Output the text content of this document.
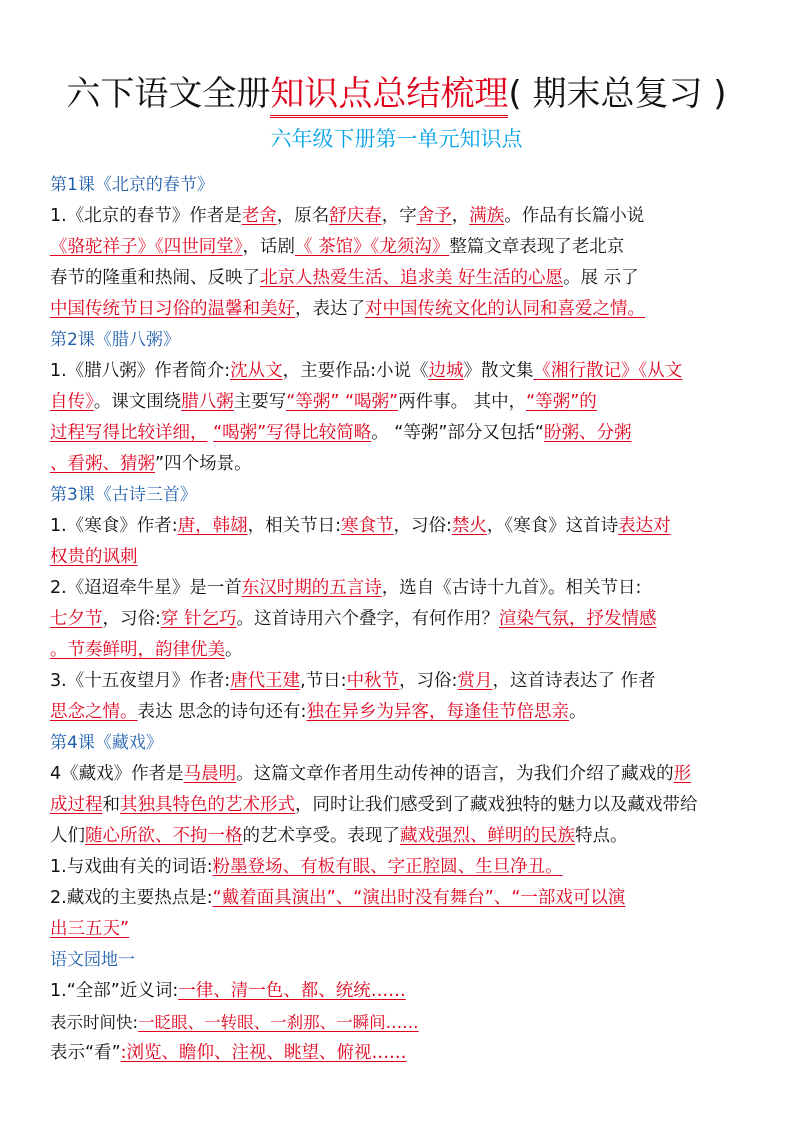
六下语文全册知识点总结梳理( 期末总复习 )
六年级下册第一单元知识点
第1课《北京的春节》
1.《北京的春节》作者是老舍，原名舒庆春，字舍予，满族。作品有长篇小说
《骆驼祥子》《四世同堂》，话剧《 茶馆》《龙须沟》整篇文章表现了老北京
春节的隆重和热闹、反映了北京人热爱生活、追求美 好生活的心愿。展 示了
中国传统节日习俗的温馨和美好，表达了对中国传统文化的认同和喜爱之情。
第2课《腊八粥》
1.《腊八粥》作者简介:沈从文，主要作品:小说《边城》散文集《湘行散记》《从文
自传》。课文围绕腊八粥主要写“等粥” “喝粥”两件事。 其中，“等粥”的
过程写得比较详细， “喝粥”写得比较简略。 “等粥”部分又包括“盼粥、分粥
、看粥、猜粥”四个场景。
第3课《古诗三首》
1.《寒食》作者:唐，韩翃，相关节日:寒食节，习俗:禁火，《寒食》这首诗表达对
权贵的讽刺
2.《迢迢牵牛星》是一首东汉时期的五言诗，选自《古诗十九首》。相关节日:
七夕节，习俗:穿 针乞巧。这首诗用六个叠字，有何作用？渲染气氛，抒发情感
。节奏鲜明，韵律优美。
3.《十五夜望月》作者:唐代王建,节日:中秋节，习俗:赏月，这首诗表达了 作者
思念之情。表达 思念的诗句还有:独在异乡为异客，每逢佳节倍思亲。
第4课《藏戏》
4《藏戏》作者是马晨明。这篇文章作者用生动传神的语言，为我们介绍了藏戏的形
成过程和其独具特色的艺术形式，同时让我们感受到了藏戏独特的魅力以及藏戏带给
人们随心所欲、不拘一格的艺术享受。表现了藏戏强烈、鲜明的民族特点。
1.与戏曲有关的词语:粉墨登场、有板有眼、字正腔圆、生旦净丑。
2.藏戏的主要热点是:“戴着面具演出”、“演出时没有舞台”、“一部戏可以演
出三五天”
语文园地一
1.“全部”近义词:一律、清一色、都、统统……
表示时间快:一眨眼、一转眼、一刹那、一瞬间……
表示“看”:浏览、瞻仰、注视、眺望、俯视……
